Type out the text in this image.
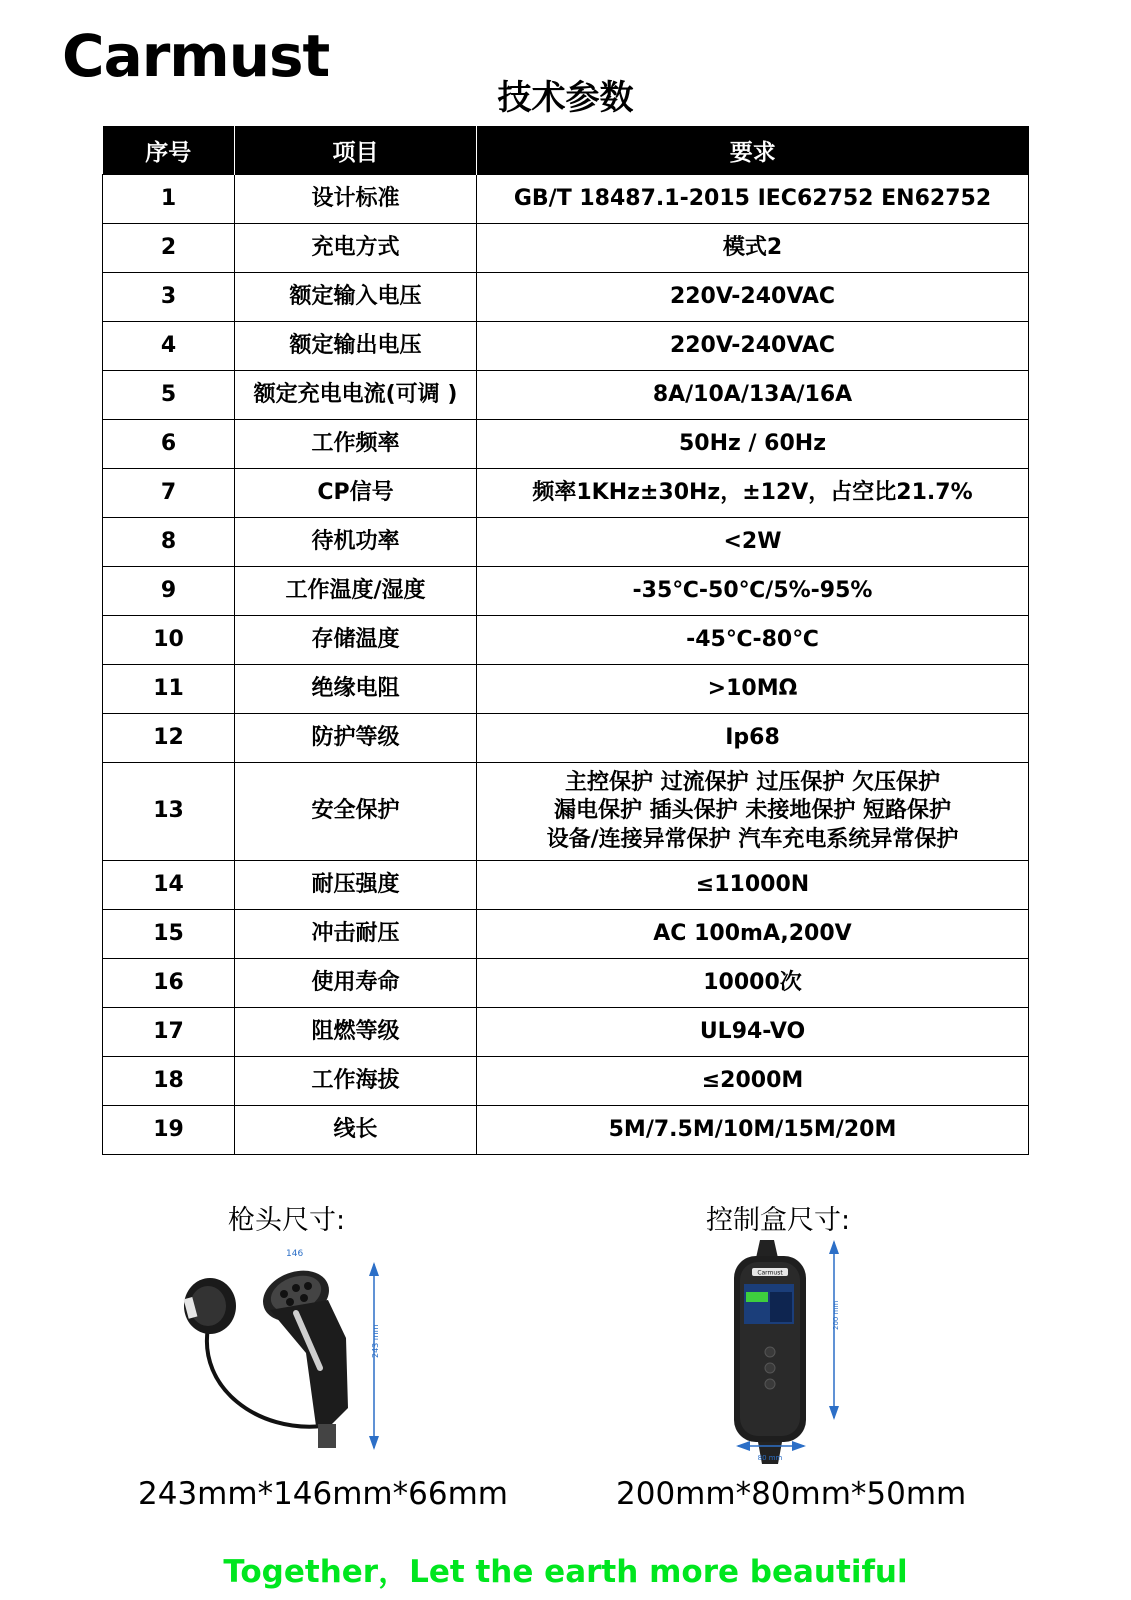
Carmust
技术参数
序号	项目	要求
1	设计标准	GB/T 18487.1-2015 IEC62752 EN62752
2	充电方式	模式2
3	额定输入电压	220V-240VAC
4	额定输出电压	220V-240VAC
5	额定充电电流(可调 )	8A/10A/13A/16A
6	工作频率	50Hz / 60Hz
7	CP信号	频率1KHz±30Hz，±12V，占空比21.7%
8	待机功率	<2W
9	工作温度/湿度	-35℃-50℃/5%-95%
10	存储温度	-45℃-80℃
11	绝缘电阻	>10MΩ
12	防护等级	Ip68
13	安全保护	主控保护 过流保护 过压保护 欠压保护
漏电保护 插头保护 未接地保护 短路保护
设备/连接异常保护 汽车充电系统异常保护

14	耐压强度	≤11000N
15	冲击耐压	AC 100mA,200V
16	使用寿命	10000次
17	阻燃等级	UL94-VO
18	工作海拔	≤2000M
19	线长	5M/7.5M/10M/15M/20M
枪头尺寸:	控制盒尺寸:
146
243 mm
Carmust
200 mm
80 mm
243mm*146mm*66mm	200mm*80mm*50mm
Together，Let the earth more beautiful
